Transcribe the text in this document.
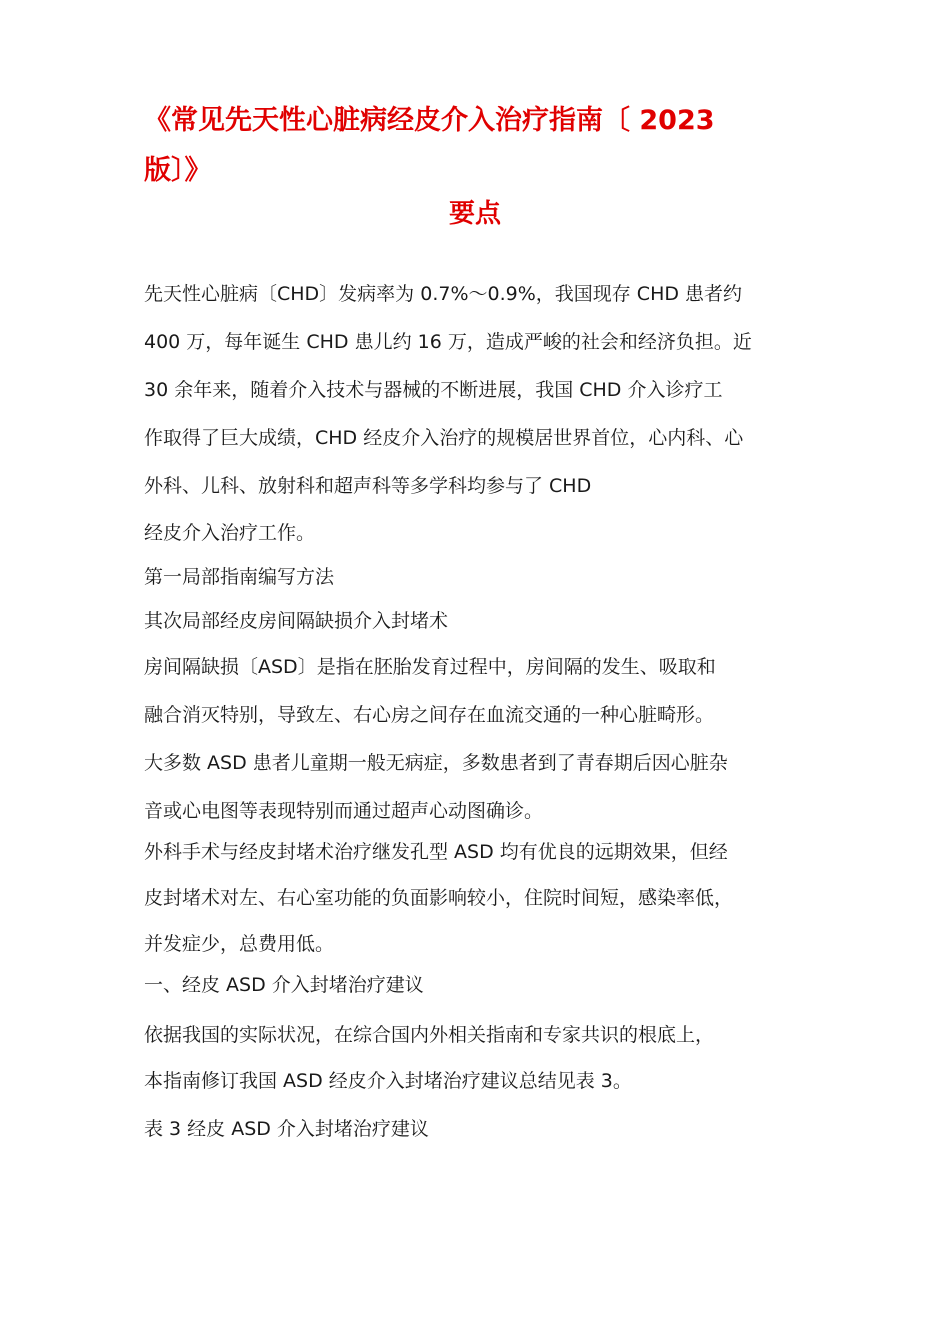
《常见先天性心脏病经皮介入治疗指南〔 2023
版〕》
要点
先天性心脏病〔CHD〕发病率为 0.7%～0.9%，我国现存 CHD 患者约
400 万，每年诞生 CHD 患儿约 16 万，造成严峻的社会和经济负担。近
30 余年来，随着介入技术与器械的不断进展，我国 CHD 介入诊疗工
作取得了巨大成绩，CHD 经皮介入治疗的规模居世界首位，心内科、心
外科、儿科、放射科和超声科等多学科均参与了 CHD
经皮介入治疗工作。
第一局部指南编写方法
其次局部经皮房间隔缺损介入封堵术
房间隔缺损〔ASD〕是指在胚胎发育过程中，房间隔的发生、吸取和
融合消灭特别，导致左、右心房之间存在血流交通的一种心脏畸形。
大多数 ASD 患者儿童期一般无病症，多数患者到了青春期后因心脏杂
音或心电图等表现特别而通过超声心动图确诊。
外科手术与经皮封堵术治疗继发孔型 ASD 均有优良的远期效果，但经
皮封堵术对左、右心室功能的负面影响较小，住院时间短，感染率低，
并发症少，总费用低。
一、经皮 ASD 介入封堵治疗建议
依据我国的实际状况，在综合国内外相关指南和专家共识的根底上，
本指南修订我国 ASD 经皮介入封堵治疗建议总结见表 3。
表 3 经皮 ASD 介入封堵治疗建议
